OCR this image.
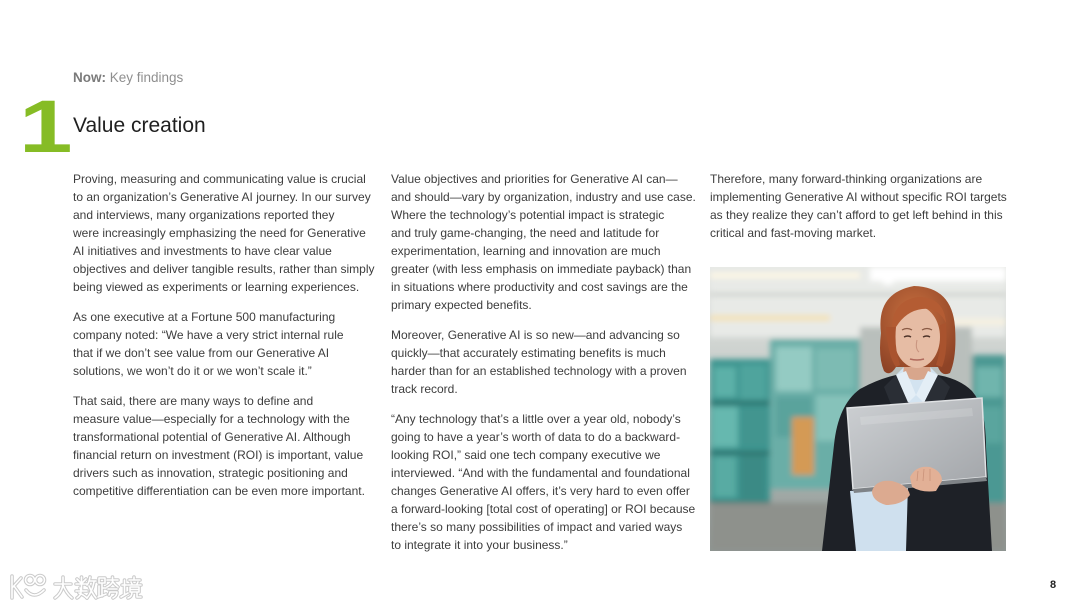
Now: Key findings
1 Value creation

Proving, measuring and communicating value is crucial
to an organization’s Generative AI journey. In our survey
and interviews, many organizations reported they
were increasingly emphasizing the need for Generative
AI initiatives and investments to have clear value
objectives and deliver tangible results, rather than simply
being viewed as experiments or learning experiences.

As one executive at a Fortune 500 manufacturing
company noted: “We have a very strict internal rule
that if we don’t see value from our Generative AI
solutions, we won’t do it or we won’t scale it.”

That said, there are many ways to define and
measure value—especially for a technology with the
transformational potential of Generative AI. Although
financial return on investment (ROI) is important, value
drivers such as innovation, strategic positioning and
competitive differentiation can be even more important.

Value objectives and priorities for Generative AI can—
and should—vary by organization, industry and use case.
Where the technology’s potential impact is strategic
and truly game-changing, the need and latitude for
experimentation, learning and innovation are much
greater (with less emphasis on immediate payback) than
in situations where productivity and cost savings are the
primary expected benefits.

Moreover, Generative AI is so new—and advancing so
quickly—that accurately estimating benefits is much
harder than for an established technology with a proven
track record.

“Any technology that’s a little over a year old, nobody’s
going to have a year’s worth of data to do a backward-
looking ROI,” said one tech company executive we
interviewed. “And with the fundamental and foundational
changes Generative AI offers, it’s very hard to even offer
a forward-looking [total cost of operating] or ROI because
there’s so many possibilities of impact and varied ways
to integrate it into your business.”

Therefore, many forward-thinking organizations are
implementing Generative AI without specific ROI targets
as they realize they can’t afford to get left behind in this
critical and fast-moving market.

8
